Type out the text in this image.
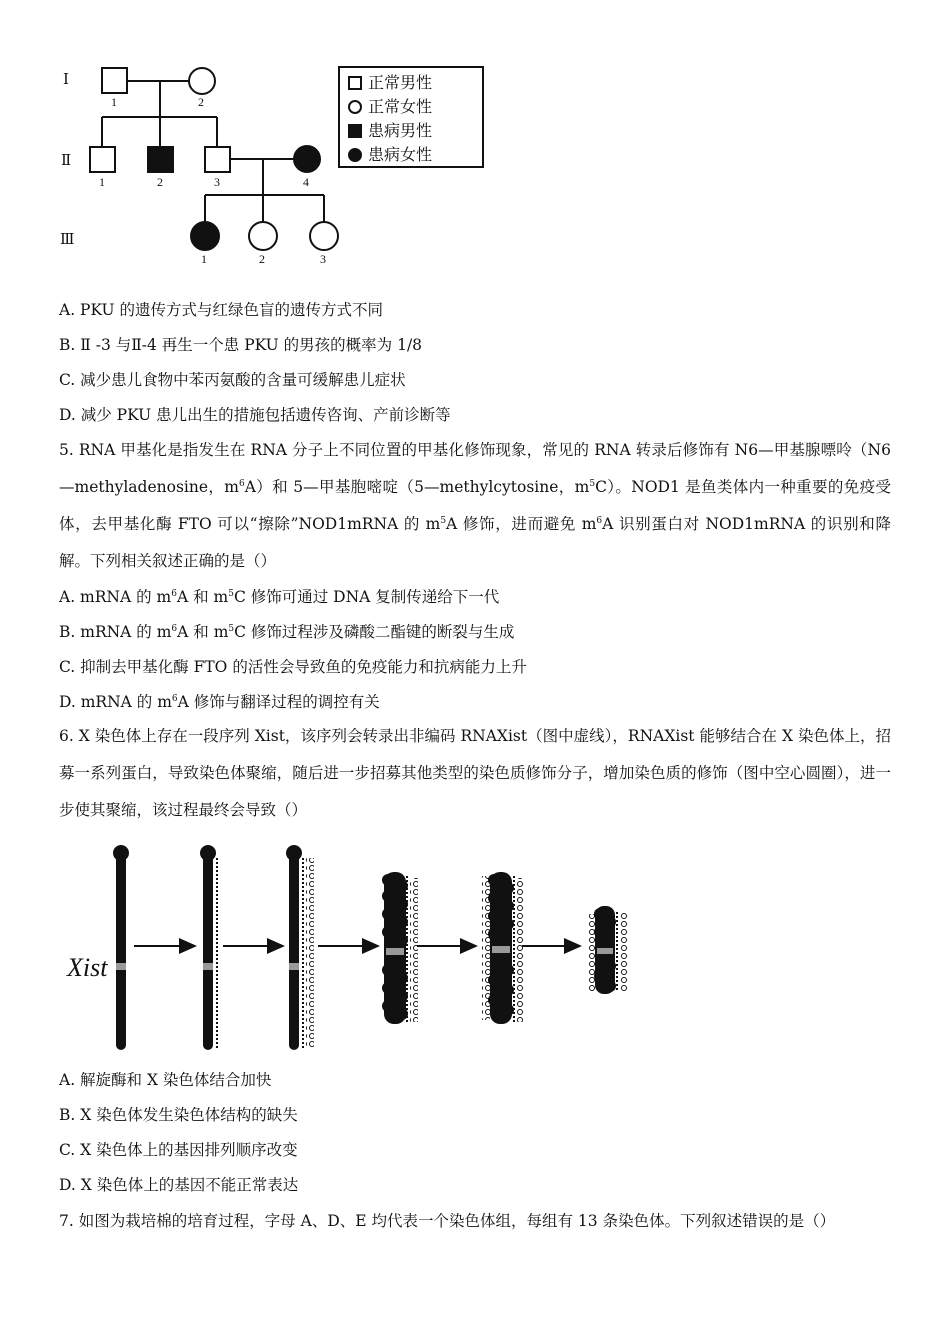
Ⅰ
Ⅱ
Ⅲ
1	2
1	2	3	4
1	2	3
正常男性
正常女性
患病男性
患病女性
A. PKU 的遗传方式与红绿色盲的遗传方式不同
B. Ⅱ -3 与Ⅱ-4 再生一个患 PKU 的男孩的概率为 1/8
C. 减少患儿食物中苯丙氨酸的含量可缓解患儿症状
D. 减少 PKU 患儿出生的措施包括遗传咨询、产前诊断等
5. RNA 甲基化是指发生在 RNA 分子上不同位置的甲基化修饰现象，常见的 RNA 转录后修饰有 N6—甲基腺嘌呤（N6—methyladenosine，$m^6A$）和 5—甲基胞嘧啶（5—methylcytosine，$m^5C$）。NOD1 是鱼类体内一种重要的免疫受体，去甲基化酶 FTO 可以“擦除”NOD1mRNA 的 $m^5A$ 修饰，进而避免 $m^6A$ 识别蛋白对 NOD1mRNA 的识别和降解。下列相关叙述正确的是（）
A. mRNA 的 $m^6A$ 和 $m^5C$ 修饰可通过 DNA 复制传递给下一代
B. mRNA 的 $m^6A$ 和 $m^5C$ 修饰过程涉及磷酸二酯键的断裂与生成
C. 抑制去甲基化酶 FTO 的活性会导致鱼的免疫能力和抗病能力上升
D. mRNA 的 $m^6A$ 修饰与翻译过程的调控有关
6. X 染色体上存在一段序列 Xist，该序列会转录出非编码 RNAXist（图中虚线），RNAXist 能够结合在 X 染色体上，招募一系列蛋白，导致染色体聚缩，随后进一步招募其他类型的染色质修饰分子，增加染色质的修饰（图中空心圆圈），进一步使其聚缩，该过程最终会导致（）
Xist
A. 解旋酶和 X 染色体结合加快
B. X 染色体发生染色体结构的缺失
C. X 染色体上的基因排列顺序改变
D. X 染色体上的基因不能正常表达
7. 如图为栽培棉的培育过程，字母 A、D、E 均代表一个染色体组，每组有 13 条染色体。下列叙述错误的是（）
